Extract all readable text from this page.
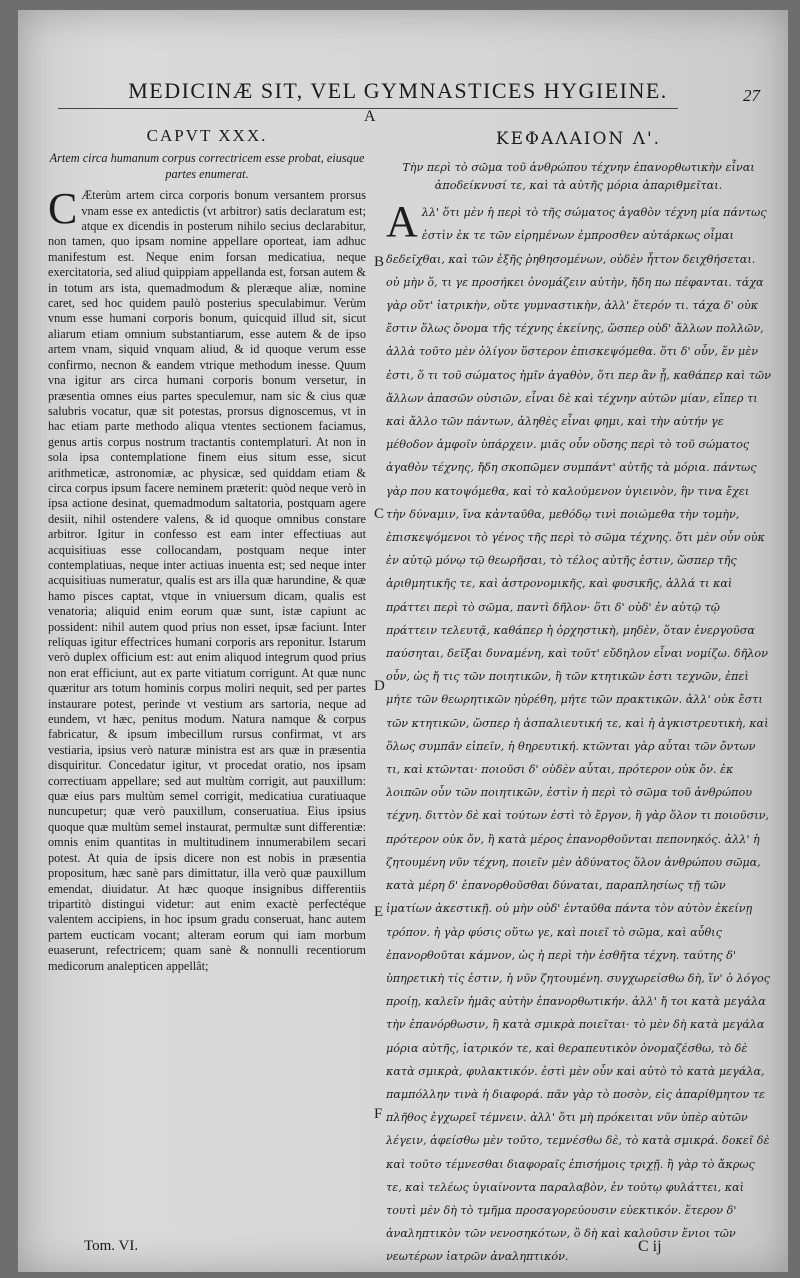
MEDICINÆ SIT, VEL GYMNASTICES HYGIEINE.	27
A
CAPVT XXX.

Artem circa humanum corpus correctricem esse probat, eiusque partes enumerat.

C Æterùm artem circa corporis bonum versantem prorsus vnam esse ex antedictis (vt arbitror) satis declaratum est; atque ex dicendis in posterum nihilo secius declarabitur, non tamen, quo ipsam nomine appellare oporteat, iam adhuc manifestum est. Neque enim forsan medicatiua, neque exercitatoria, sed aliud quippiam appellanda est, forsan autem & in totum ars ista, quemadmodum & pleræque aliæ, nomine caret, sed hoc quidem paulò posterius speculabimur. Verùm vnum esse humani corporis bonum, quicquid illud sit, sicut aliarum etiam omnium substantiarum, esse autem & de ipso artem vnam, siquid vnquam aliud, & id quoque verum esse confirmo, necnon & eandem vtrique methodum inesse. Quum vna igitur ars circa humani corporis bonum versetur, in præsentia omnes eius partes speculemur, nam sic & cius quæ salubris vocatur, quæ sit potestas, prorsus dignoscemus, vt in hac etiam parte methodo aliqua vtentes sectionem faciamus, genus artis corpus nostrum tractantis contemplaturi. At non in sola ipsa contemplatione finem eius situm esse, sicut arithmeticæ, astronomiæ, ac physicæ, sed quiddam etiam & circa corpus ipsum facere neminem præterit: quòd neque verò in ipsa actione desinat, quemadmodum saltatoria, postquam agere desiit, nihil ostendere valens, & id quoque omnibus constare arbitror. Igitur in confesso est eam inter effectiuas aut acquisitiuas esse collocandam, postquam neque inter contemplatiuas, neque inter actiuas inuenta est; sed neque inter acquisitiuas numeratur, qualis est ars illa quæ harundine, & quæ hamo pisces captat, vtque in vniuersum dicam, qualis est venatoria; aliquid enim eorum quæ sunt, istæ capiunt ac possident: nihil autem quod prius non esset, ipsæ faciunt. Inter reliquas igitur effectrices humani corporis ars reponitur. Istarum verò duplex officium est: aut enim aliquod integrum quod prius non erat efficiunt, aut ex parte vitiatum corrigunt. At quæ nunc quæritur ars totum hominis corpus moliri nequit, sed per partes instaurare potest, perinde vt vestium ars sartoria, neque ad eundem, vt hæc, penitus modum. Natura namque & corpus fabricatur, & ipsum imbecillum rursus confirmat, vt ars vestiaria, ipsius verò naturæ ministra est ars quæ in præsentia disquiritur. Concedatur igitur, vt procedat oratio, nos ipsam correctiuam appellare; sed aut multùm corrigit, aut pauxillum: quæ eius pars multùm semel corrigit, medicatiua curatiuaque nuncupetur; quæ verò pauxillum, conseruatiua. Eius ipsius quoque quæ multùm semel instaurat, permultæ sunt differentiæ: omnis enim quantitas in multitudinem innumerabilem secari potest. At quia de ipsis dicere non est nobis in præsentia propositum, hæc sanè pars dimittatur, illa verò quæ pauxillum emendat, diuidatur. At hæc quoque insignibus differentiis tripartitò distingui videtur: aut enim exactè perfectéque valentem accipiens, in hoc ipsum gradu conseruat, hanc autem partem eucticam vocant; alteram eorum qui iam morbum euaserunt, refectricem; quam sanè & nonnulli recentiorum medicorum analepticen appellât;

B
C
D
E
F
ΚΕΦΑΛΑΙΟΝ Λ'.

Τὴν περὶ τὸ σῶμα τοῦ ἀνθρώπου τέχνην ἐπανορθωτικὴν εἶναι ἀποδείκνυσί τε, καὶ τὰ αὐτῆς μόρια ἀπαριθμεῖται.

Αλλ' ὅτι μὲν ἡ περὶ τὸ τῆς σώματος ἀγαθὸν τέχνη μία πάντως ἐστὶν ἐκ τε τῶν εἰρημένων ἐμπροσθεν αὐτάρκως οἶμαι δεδεῖχθαι, καὶ τῶν ἐξῆς ῥηθησομένων, οὐδὲν ἧττον δειχθήσεται. οὐ μὴν ὅ, τι γε προσήκει ὀνομάζειν αὐτὴν, ἤδη πω πέφανται. τάχα γὰρ οὔτ' ἰατρικὴν, οὔτε γυμναστικὴν, ἀλλ' ἕτερόν τι. τάχα δ' οὐκ ἔστιν ὅλως ὄνομα τῆς τέχνης ἐκείνης, ὥσπερ οὐδ' ἄλλων πολλῶν, ἀλλὰ τοῦτο μὲν ὀλίγον ὕστερον ἐπισκεψόμεθα. ὅτι δ' οὖν, ἕν μὲν ἐστι, ὅ τι τοῦ σώματος ἡμῖν ἀγαθὸν, ὅτι περ ἂν ᾖ, καθάπερ καὶ τῶν ἄλλων ἁπασῶν οὐσιῶν, εἶναι δὲ καὶ τέχνην αὐτῶν μίαν, εἴπερ τι καὶ ἄλλο τῶν πάντων, ἀληθὲς εἶναι φημι, καὶ τὴν αὐτήν γε μέθοδον ἀμφοῖν ὑπάρχειν. μιᾶς οὖν οὔσης περὶ τὸ τοῦ σώματος ἀγαθὸν τέχνης, ἤδη σκοπῶμεν συμπάντ' αὐτῆς τὰ μόρια. πάντως γὰρ που κατοψόμεθα, καὶ τὸ καλούμενον ὑγιεινὸν, ἣν τινα ἔχει τὴν δύναμιν, ἵνα κἀνταῦθα, μεθόδῳ τινὶ ποιώμεθα τὴν τομὴν, ἐπισκεψόμενοι τὸ γένος τῆς περὶ τὸ σῶμα τέχνης. ὅτι μὲν οὖν οὐκ ἐν αὐτῷ μόνῳ τῷ θεωρῆσαι, τὸ τέλος αὐτῆς ἐστιν, ὥσπερ τῆς ἀριθμητικῆς τε, καὶ ἀστρονομικῆς, καὶ φυσικῆς, ἀλλά τι καὶ πράττει περὶ τὸ σῶμα, παντὶ δῆλον· ὅτι δ' οὐδ' ἐν αὐτῷ τῷ πράττειν τελευτᾷ, καθάπερ ἡ ὀρχηστικὴ, μηδὲν, ὅταν ἐνεργοῦσα παύσηται, δεῖξαι δυναμένη, καὶ τοῦτ' εὔδηλον εἶναι νομίζω. δῆλον οὖν, ὡς ἤ τις τῶν ποιητικῶν, ἢ τῶν κτητικῶν ἐστι τεχνῶν, ἐπεὶ μήτε τῶν θεωρητικῶν ηὑρέθη, μήτε τῶν πρακτικῶν. ἀλλ' οὐκ ἔστι τῶν κτητικῶν, ὥσπερ ἡ ἀσπαλιευτική τε, καὶ ἡ ἀγκιστρευτικὴ, καὶ ὅλως συμπᾶν εἰπεῖν, ἡ θηρευτική. κτῶνται γὰρ αὗται τῶν ὄντων τι, καὶ κτῶνται· ποιοῦσι δ' οὐδὲν αὗται, πρότερον οὐκ ὄν. ἐκ λοιπῶν οὖν τῶν ποιητικῶν, ἐστὶν ἡ περὶ τὸ σῶμα τοῦ ἀνθρώπου τέχνη. διττὸν δὲ καὶ τούτων ἐστὶ τὸ ἔργον, ἢ γὰρ ὅλον τι ποιοῦσιν, πρότερον οὐκ ὄν, ἢ κατὰ μέρος ἐπανορθοῦνται πεπονηκός. ἀλλ' ἡ ζητουμένη νῦν τέχνη, ποιεῖν μὲν ἀδύνατος ὅλον ἀνθρώπου σῶμα, κατὰ μέρη δ' ἐπανορθοῦσθαι δύναται, παραπλησίως τῇ τῶν ἱματίων ἀκεστικῇ. οὐ μὴν οὐδ' ἐνταῦθα πάντα τὸν αὐτὸν ἐκείνῃ τρόπον. ἡ γὰρ φύσις οὕτω γε, καὶ ποιεῖ τὸ σῶμα, καὶ αὖθις ἐπανορθοῦται κάμνον, ὡς ἡ περὶ τὴν ἐσθῆτα τέχνη. ταύτης δ' ὑπηρετικὴ τίς ἐστιν, ἡ νῦν ζητουμένη. συγχωρείσθω δὴ, ἵν' ὁ λόγος προίῃ, καλεῖν ἡμᾶς αὐτὴν ἐπανορθωτικήν. ἀλλ' ἤ τοι κατὰ μεγάλα τὴν ἐπανόρθωσιν, ἢ κατὰ σμικρὰ ποιεῖται· τὸ μὲν δὴ κατὰ μεγάλα μόρια αὐτῆς, ἰατρικόν τε, καὶ θεραπευτικὸν ὀνομαζέσθω, τὸ δὲ κατὰ σμικρὰ, φυλακτικόν. ἐστὶ μὲν οὖν καὶ αὐτὸ τὸ κατὰ μεγάλα, παμπόλλην τινὰ ἡ διαφορά. πᾶν γὰρ τὸ ποσὸν, εἰς ἀπαρίθμητον τε πλῆθος ἐγχωρεῖ τέμνειν. ἀλλ' ὅτι μὴ πρόκειται νῦν ὑπὲρ αὐτῶν λέγειν, ἀφείσθω μὲν τοῦτο, τεμνέσθω δὲ, τὸ κατὰ σμικρά. δοκεῖ δὲ καὶ τοῦτο τέμνεσθαι διαφοραῖς ἐπισήμοις τριχῇ. ἢ γὰρ τὸ ἄκρως τε, καὶ τελέως ὑγιαίνοντα παραλαβὸν, ἐν τούτῳ φυλάττει, καὶ τουτὶ μὲν δὴ τὸ τμῆμα προσαγορεύουσιν εὐεκτικόν. ἕτερον δ' ἀναληπτικὸν τῶν νενοσηκότων, ὃ δὴ καὶ καλοῦσιν ἔνιοι τῶν νεωτέρων ἰατρῶν ἀναληπτικόν.

Tom. VI.	C ij
